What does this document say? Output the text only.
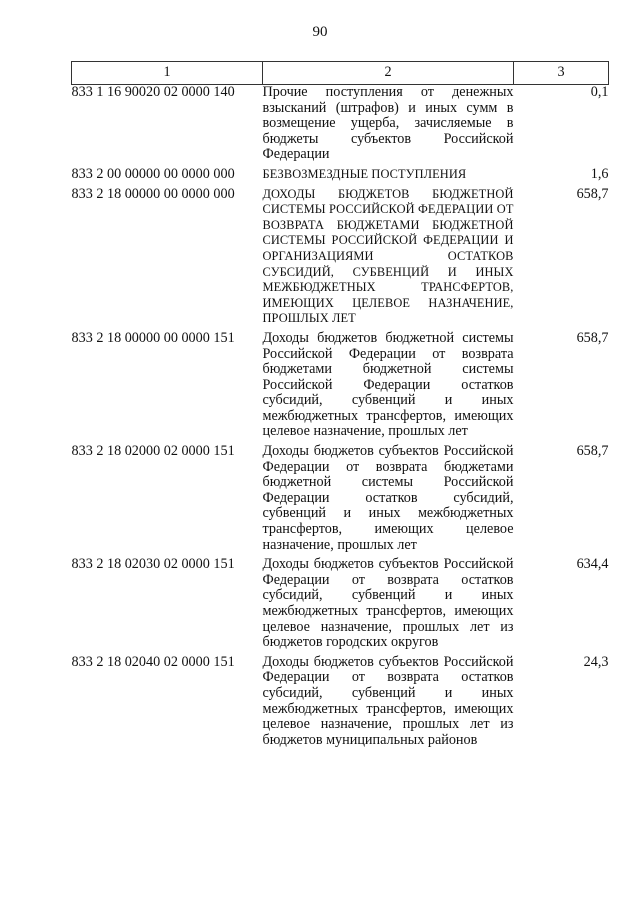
90
1	2	3
833 1 16 90020 02 0000 140	Прочие поступления от денежных взысканий (штрафов) и иных сумм в возмещение ущерба, зачисляемые в бюджеты субъектов Российской Федерации	0,1
833 2 00 00000 00 0000 000	БЕЗВОЗМЕЗДНЫЕ ПОСТУПЛЕНИЯ	1,6
833 2 18 00000 00 0000 000	ДОХОДЫ БЮДЖЕТОВ БЮДЖЕТНОЙ СИСТЕМЫ РОССИЙСКОЙ ФЕДЕРАЦИИ ОТ ВОЗВРАТА БЮДЖЕТАМИ БЮДЖЕТНОЙ СИСТЕМЫ РОССИЙСКОЙ ФЕДЕРАЦИИ И ОРГАНИЗАЦИЯМИ ОСТАТКОВ СУБСИДИЙ, СУБВЕНЦИЙ И ИНЫХ МЕЖБЮДЖЕТНЫХ ТРАНСФЕРТОВ, ИМЕЮЩИХ ЦЕЛЕВОЕ НАЗНАЧЕНИЕ, ПРОШЛЫХ ЛЕТ	658,7
833 2 18 00000 00 0000 151	Доходы бюджетов бюджетной системы Российской Федерации от возврата бюджетами бюджетной системы Российской Федерации остатков субсидий, субвенций и иных межбюджетных трансфертов, имеющих целевое назначение, прошлых лет	658,7
833 2 18 02000 02 0000 151	Доходы бюджетов субъектов Российской Федерации от возврата бюджетами бюджетной системы Российской Федерации остатков субсидий, субвенций и иных межбюджетных трансфертов, имеющих целевое назначение, прошлых лет	658,7
833 2 18 02030 02 0000 151	Доходы бюджетов субъектов Российской Федерации от возврата остатков субсидий, субвенций и иных межбюджетных трансфертов, имеющих целевое назначение, прошлых лет из бюджетов городских округов	634,4
833 2 18 02040 02 0000 151	Доходы бюджетов субъектов Российской Федерации от возврата остатков субсидий, субвенций и иных межбюджетных трансфертов, имеющих целевое назначение, прошлых лет из бюджетов муниципальных районов	24,3
